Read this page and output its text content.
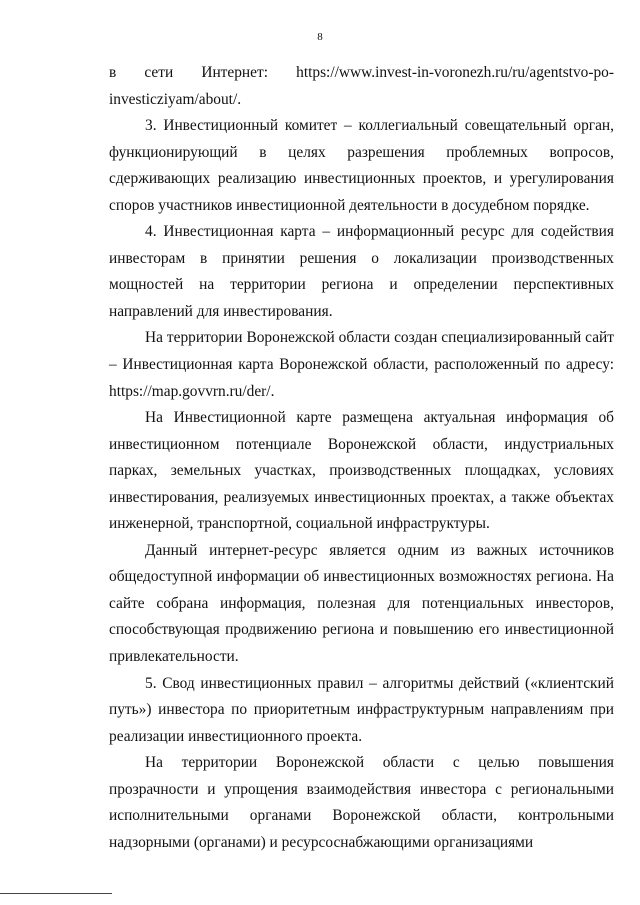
8

в сети Интернет: https://www.invest-in-voronezh.ru/ru/agentstvo-po-investicziyam/about/.

3. Инвестиционный комитет – коллегиальный совещательный орган, функционирующий в целях разрешения проблемных вопросов, сдерживающих реализацию инвестиционных проектов, и урегулирования споров участников инвестиционной деятельности в досудебном порядке.

4. Инвестиционная карта – информационный ресурс для содействия инвесторам в принятии решения о локализации производственных мощностей на территории региона и определении перспективных направлений для инвестирования.

На территории Воронежской области создан специализированный сайт – Инвестиционная карта Воронежской области, расположенный по адресу: https://map.govvrn.ru/der/.

На Инвестиционной карте размещена актуальная информация об инвестиционном потенциале Воронежской области, индустриальных парках, земельных участках, производственных площадках, условиях инвестирования, реализуемых инвестиционных проектах, а также объектах инженерной, транспортной, социальной инфраструктуры.

Данный интернет-ресурс является одним из важных источников общедоступной информации об инвестиционных возможностях региона. На сайте собрана информация, полезная для потенциальных инвесторов, способствующая продвижению региона и повышению его инвестиционной привлекательности.

5. Свод инвестиционных правил – алгоритмы действий («клиентский путь») инвестора по приоритетным инфраструктурным направлениям при реализации инвестиционного проекта.

На территории Воронежской области с целью повышения прозрачности и упрощения взаимодействия инвестора с региональными исполнительными органами Воронежской области, контрольными надзорными (органами) и ресурсоснабжающими организациями
